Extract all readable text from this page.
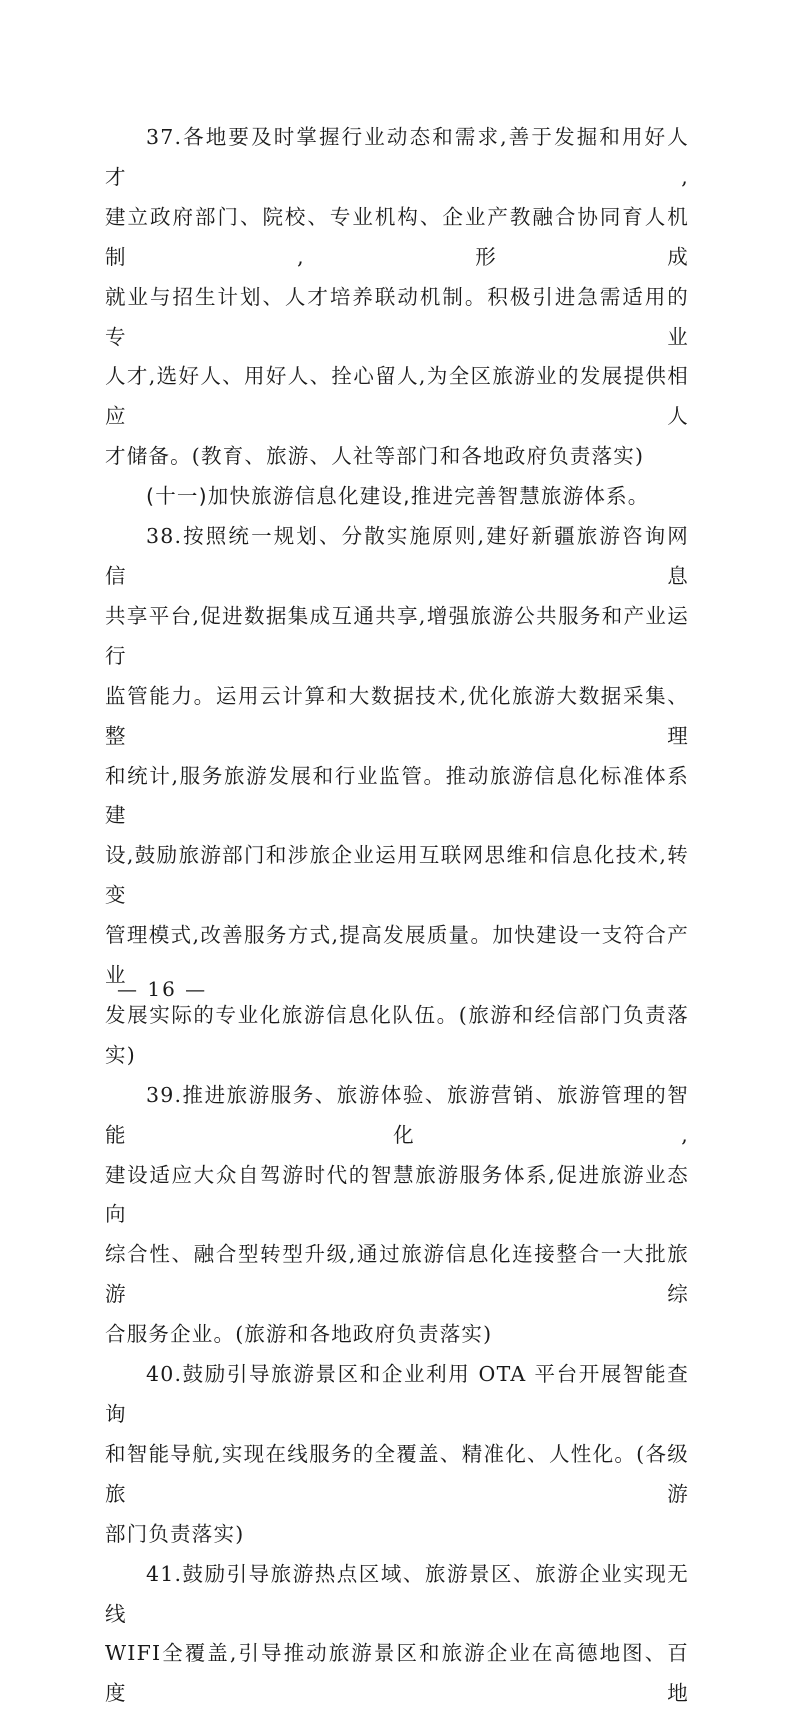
37.各地要及时掌握行业动态和需求,善于发掘和用好人才,
建立政府部门、院校、专业机构、企业产教融合协同育人机制,形成
就业与招生计划、人才培养联动机制。积极引进急需适用的专业
人才,选好人、用好人、拴心留人,为全区旅游业的发展提供相应人
才储备。(教育、旅游、人社等部门和各地政府负责落实)
(十一)加快旅游信息化建设,推进完善智慧旅游体系。
38.按照统一规划、分散实施原则,建好新疆旅游咨询网信息
共享平台,促进数据集成互通共享,增强旅游公共服务和产业运行
监管能力。运用云计算和大数据技术,优化旅游大数据采集、整理
和统计,服务旅游发展和行业监管。推动旅游信息化标准体系建
设,鼓励旅游部门和涉旅企业运用互联网思维和信息化技术,转变
管理模式,改善服务方式,提高发展质量。加快建设一支符合产业
发展实际的专业化旅游信息化队伍。(旅游和经信部门负责落实)
39.推进旅游服务、旅游体验、旅游营销、旅游管理的智能化,
建设适应大众自驾游时代的智慧旅游服务体系,促进旅游业态向
综合性、融合型转型升级,通过旅游信息化连接整合一大批旅游综
合服务企业。(旅游和各地政府负责落实)
40.鼓励引导旅游景区和企业利用 OTA 平台开展智能查询
和智能导航,实现在线服务的全覆盖、精准化、人性化。(各级旅游
部门负责落实)
41.鼓励引导旅游热点区域、旅游景区、旅游企业实现无线
WIFI全覆盖,引导推动旅游景区和旅游企业在高德地图、百度地
— 16 —
